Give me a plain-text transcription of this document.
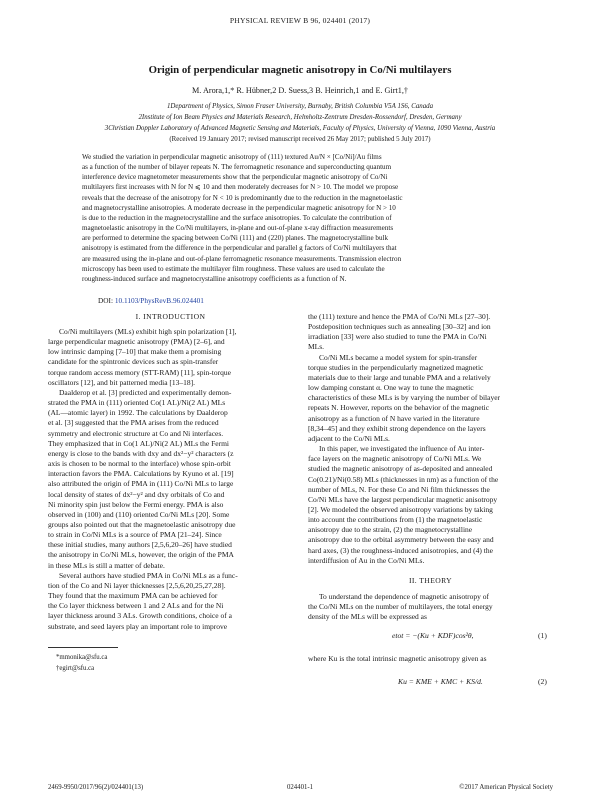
PHYSICAL REVIEW B 96, 024401 (2017)
Origin of perpendicular magnetic anisotropy in Co/Ni multilayers
M. Arora,1,* R. Hübner,2 D. Suess,3 B. Heinrich,1 and E. Girt1,†
1Department of Physics, Simon Fraser University, Burnaby, British Columbia V5A 1S6, Canada
2Institute of Ion Beam Physics and Materials Research, Helmholtz-Zentrum Dresden-Rossendorf, Dresden, Germany
3Christian Doppler Laboratory of Advanced Magnetic Sensing and Materials, Faculty of Physics, University of Vienna, 1090 Vienna, Austria
(Received 19 January 2017; revised manuscript received 26 May 2017; published 5 July 2017)
We studied the variation in perpendicular magnetic anisotropy of (111) textured Au/N × [Co/Ni]/Au films
as a function of the number of bilayer repeats N. The ferromagnetic resonance and superconducting quantum
interference device magnetometer measurements show that the perpendicular magnetic anisotropy of Co/Ni
multilayers first increases with N for N ⩽ 10 and then moderately decreases for N > 10. The model we propose
reveals that the decrease of the anisotropy for N < 10 is predominantly due to the reduction in the magnetoelastic
and magnetocrystalline anisotropies. A moderate decrease in the perpendicular magnetic anisotropy for N > 10
is due to the reduction in the magnetocrystalline and the surface anisotropies. To calculate the contribution of
magnetoelastic anisotropy in the Co/Ni multilayers, in-plane and out-of-plane x-ray diffraction measurements
are performed to determine the spacing between Co/Ni (111) and (220) planes. The magnetocrystalline bulk
anisotropy is estimated from the difference in the perpendicular and parallel g factors of Co/Ni multilayers that
are measured using the in-plane and out-of-plane ferromagnetic resonance measurements. Transmission electron
microscopy has been used to estimate the multilayer film roughness. These values are used to calculate the
roughness-induced surface and magnetocrystalline anisotropy coefficients as a function of N.
DOI: 10.1103/PhysRevB.96.024401
I. INTRODUCTION
Co/Ni multilayers (MLs) exhibit high spin polarization [1],
large perpendicular magnetic anisotropy (PMA) [2–6], and
low intrinsic damping [7–10] that make them a promising
candidate for the spintronic devices such as spin-transfer
torque random access memory (STT-RAM) [11], spin-torque
oscillators [12], and bit patterned media [13–18].
Daalderop et al. [3] predicted and experimentally demon-
strated the PMA in (111) oriented Co(1 AL)/Ni(2 AL) MLs
(AL—atomic layer) in 1992. The calculations by Daalderop
et al. [3] suggested that the PMA arises from the reduced
symmetry and electronic structure at Co and Ni interfaces.
They emphasized that in Co(1 AL)/Ni(2 AL) MLs the Fermi
energy is close to the bands with dxy and dx²−y² characters (z
axis is chosen to be normal to the interface) whose spin-orbit
interaction favors the PMA. Calculations by Kyuno et al. [19]
also attributed the origin of PMA in (111) Co/Ni MLs to large
local density of states of dx²−y² and dxy orbitals of Co and
Ni minority spin just below the Fermi energy. PMA is also
observed in (100) and (110) oriented Co/Ni MLs [20]. Some
groups also pointed out that the magnetoelastic anisotropy due
to strain in Co/Ni MLs is a source of PMA [21–24]. Since
these initial studies, many authors [2,5,6,20–26] have studied
the anisotropy in Co/Ni MLs, however, the origin of the PMA
in these MLs is still a matter of debate.
Several authors have studied PMA in Co/Ni MLs as a func-
tion of the Co and Ni layer thicknesses [2,5,6,20,25,27,28].
They found that the maximum PMA can be achieved for
the Co layer thickness between 1 and 2 ALs and for the Ni
layer thickness around 3 ALs. Growth conditions, choice of a
substrate, and seed layers play an important role to improve
*mmonika@sfu.ca
†egirt@sfu.ca
the (111) texture and hence the PMA of Co/Ni MLs [27–30].
Postdeposition techniques such as annealing [30–32] and ion
irradiation [33] were also studied to tune the PMA in Co/Ni
MLs.
Co/Ni MLs became a model system for spin-transfer
torque studies in the perpendicularly magnetized magnetic
materials due to their large and tunable PMA and a relatively
low damping constant α. One way to tune the magnetic
characteristics of these MLs is by varying the number of bilayer
repeats N. However, reports on the behavior of the magnetic
anisotropy as a function of N have varied in the literature
[8,34–45] and they exhibit strong dependence on the layers
adjacent to the Co/Ni MLs.
In this paper, we investigated the influence of Au inter-
face layers on the magnetic anisotropy of Co/Ni MLs. We
studied the magnetic anisotropy of as-deposited and annealed
Co(0.21)/Ni(0.58) MLs (thicknesses in nm) as a function of the
number of MLs, N. For these Co and Ni film thicknesses the
Co/Ni MLs have the largest perpendicular magnetic anisotropy
[2]. We modeled the observed anisotropy variations by taking
into account the contributions from (1) the magnetoelastic
anisotropy due to the strain, (2) the magnetocrystalline
anisotropy due to the orbital asymmetry between the easy and
hard axes, (3) the roughness-induced anisotropies, and (4) the
interdiffusion of Au in the Co/Ni MLs.
II. THEORY
To understand the dependence of magnetic anisotropy of
the Co/Ni MLs on the number of multilayers, the total energy
density of the MLs will be expressed as
etot = −(Ku + KDF)cos²θ,	(1)
where Ku is the total intrinsic magnetic anisotropy given as
Ku = KME + KMC + KS/d.	(2)
2469-9950/2017/96(2)/024401(13)	024401-1	©2017 American Physical Society
